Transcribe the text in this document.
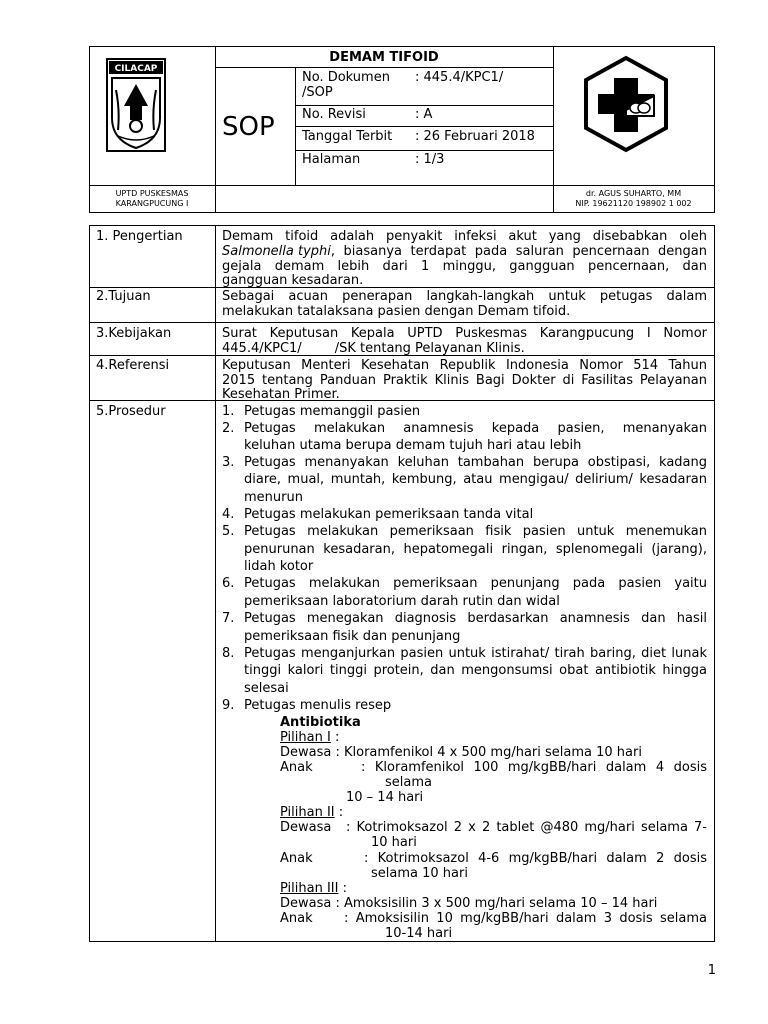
CILACAP
DEMAM TIFOID
SOP
No. Dokumen : 445.4/KPC1/
/SOP
No. Revisi	: A
Tanggal Terbit : 26 Februari 2018
Halaman	: 1/3
UPTD PUSKESMAS
KARANGPUCUNG I
dr. AGUS SUHARTO, MM
NIP. 19621120 198902 1 002
1. Pengertian	Demam tifoid adalah penyakit infeksi akut yang disebabkan oleh
Salmonella typhi , biasanya terdapat pada saluran pencernaan dengan
gejala demam lebih dari 1 minggu, gangguan pencernaan, dan
gangguan kesadaran.
2.Tujuan	Sebagai acuan penerapan langkah-langkah untuk petugas dalam
melakukan tatalaksana pasien dengan Demam tifoid.
3.Kebijakan	Surat Keputusan Kepala UPTD Puskesmas Karangpucung I Nomor
445.4/KPC1/        /SK tentang Pelayanan Klinis.
4.Referensi	Keputusan Menteri Kesehatan Republik Indonesia Nomor 514 Tahun
2015 tentang Panduan Praktik Klinis Bagi Dokter di Fasilitas Pelayanan
Kesehatan Primer.
5.Prosedur	1. Petugas memanggil pasien
2. Petugas melakukan anamnesis kepada pasien, menanyakan
keluhan utama berupa demam tujuh hari atau lebih
3. Petugas menanyakan keluhan tambahan berupa obstipasi, kadang
diare, mual, muntah, kembung, atau mengigau/ delirium/ kesadaran
menurun
4. Petugas melakukan pemeriksaan tanda vital
5. Petugas melakukan pemeriksaan fisik pasien untuk menemukan
penurunan kesadaran, hepatomegali ringan, splenomegali (jarang),
lidah kotor
6. Petugas melakukan pemeriksaan penunjang pada pasien yaitu
pemeriksaan laboratorium darah rutin dan widal
7. Petugas menegakan diagnosis berdasarkan anamnesis dan hasil
pemeriksaan fisik dan penunjang
8. Petugas menganjurkan pasien untuk istirahat/ tirah baring, diet lunak
tinggi kalori tinggi protein, dan mengonsumsi obat antibiotik hingga
selesai
9. Petugas menulis resep
Antibiotika
Pilihan I :
Dewasa : Kloramfenikol 4 x 500 mg/hari selama 10 hari
Anak	: Kloramfenikol 100 mg/kgBB/hari dalam 4 dosis
selama
10 – 14 hari
Pilihan II :
Dewasa : Kotrimoksazol 2 x 2 tablet @480 mg/hari selama 7-
10 hari
Anak	: Kotrimoksazol 4-6 mg/kgBB/hari dalam 2 dosis
selama 10 hari
Pilihan III :
Dewasa : Amoksisilin 3 x 500 mg/hari selama 10 – 14 hari
Anak : Amoksisilin 10 mg/kgBB/hari dalam 3 dosis selama
10-14 hari
1
